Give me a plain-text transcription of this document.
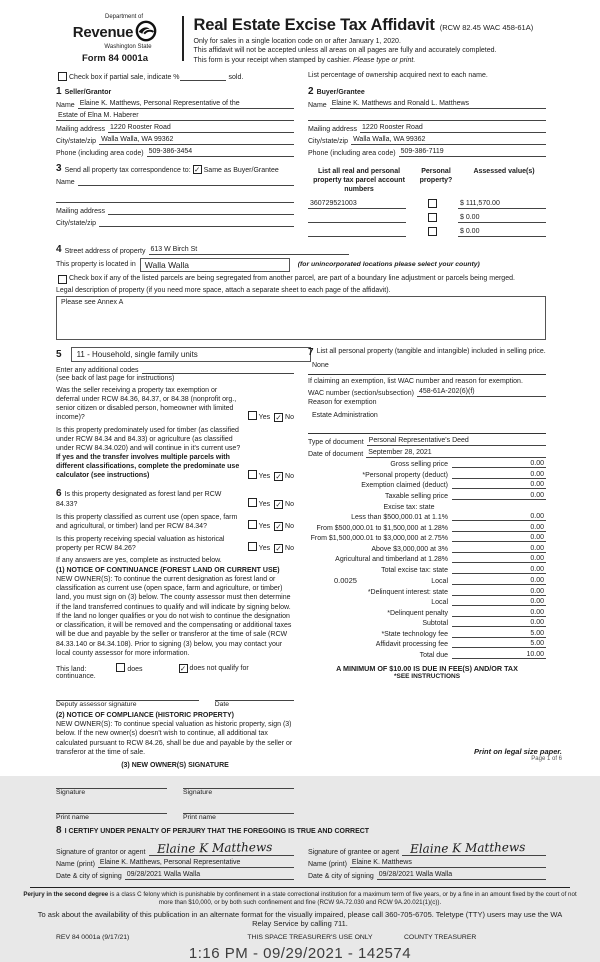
Department of
Revenue
Washington State
Form 84 0001a
Real Estate Excise Tax Affidavit (RCW 82.45 WAC 458-61A)
Only for sales in a single location code on or after January 1, 2020.
This affidavit will not be accepted unless all areas on all pages are fully and accurately completed.
This form is your receipt when stamped by cashier. Please type or print.
Check box if partial sale, indicate %	sold.	List percentage of ownership acquired next to each name.
1 Seller/Grantor
Name Elaine K. Matthews, Personal Representative of the
Estate of Elna M. Haberer
Mailing address 1220 Rooster Road
City/state/zip Walla Walla, WA 99362
Phone (including area code) 509-386-3454
2 Buyer/Grantee
Name Elaine K. Matthews and Ronald L. Matthews
Mailing address 1220 Rooster Road
City/state/zip Walla Walla, WA 99362
Phone (including area code) 509-386-7119
3 Send all property tax correspondence to: ✓ Same as Buyer/Grantee
Name
Mailing address
City/state/zip
List all real and personal property tax parcel account numbers
Personal property?
Assessed value(s)
360729521003	$ 111,570.00
$ 0.00
$ 0.00
4 Street address of property 613 W Birch St
This property is located in	Walla Walla	(for unincorporated locations please select your county)
Check box if any of the listed parcels are being segregated from another parcel, are part of a boundary line adjustment or parcels being merged.
Legal description of property (if you need more space, attach a separate sheet to each page of the affidavit).
Please see Annex A
5	11 - Household, single family units
Enter any additional codes
(see back of last page for instructions)
Was the seller receiving a property tax exemption or deferral under RCW 84.36, 84.37, or 84.38 (nonprofit org., senior citizen or disabled person, homeowner with limited income)?	Yes ✓ No
Is this property predominately used for timber (as classified under RCW 84.34 and 84.33) or agriculture (as classified under RCW 84.34.020) and will continue in it's current use? If yes and the transfer involves multiple parcels with different classifications, complete the predominate use calculator (see instructions)	Yes ✓ No
6 Is this property designated as forest land per RCW 84.33?	Yes ✓ No
Is this property classified as current use (open space, farm and agricultural, or timber) land per RCW 84.34?	Yes ✓ No
Is this property receiving special valuation as historical property per RCW 84.26?	Yes ✓ No
If any answers are yes, complete as instructed below.
(1) NOTICE OF CONTINUANCE (FOREST LAND OR CURRENT USE)
NEW OWNER(S): To continue the current designation as forest land or classification as current use (open space, farm and agriculture, or timber) land, you must sign on (3) below. The county assessor must then determine if the land transferred continues to qualify and will indicate by signing below. If the land no longer qualifies or you do not wish to continue the designation or classification, it will be removed and the compensating or additional taxes will be due and payable by the seller or transferor at the time of sale (RCW 84.33.140 or 84.34.108). Prior to signing (3) below, you may contact your local county assessor for more information.
This land:	does	✓ does not qualify for
continuance.
Deputy assessor signature	Date
(2) NOTICE OF COMPLIANCE (HISTORIC PROPERTY)
NEW OWNER(S): To continue special valuation as historic property, sign (3) below. If the new owner(s) doesn't wish to continue, all additional tax calculated pursuant to RCW 84.26, shall be due and payable by the seller or transferor at the time of sale.
(3) NEW OWNER(S) SIGNATURE
Signature	Signature
Print name	Print name
7 List all personal property (tangible and intangible) included in selling price.
None
If claiming an exemption, list WAC number and reason for exemption.
WAC number (section/subsection) 458-61A-202(6)(f)
Reason for exemption
Estate Administration
Type of document Personal Representative's Deed
Date of document September 28, 2021
Gross selling price	0.00
*Personal property (deduct)	0.00
Exemption claimed (deduct)	0.00
Taxable selling price	0.00
Excise tax: state
Less than $500,000.01 at 1.1%	0.00
From $500,000.01 to $1,500,000 at 1.28%	0.00
From $1,500,000.01 to $3,000,000 at 2.75%	0.00
Above $3,000,000 at 3%	0.00
Agricultural and timberland at 1.28%	0.00
Total excise tax: state	0.00
0.0025	Local	0.00
*Delinquent interest: state	0.00
Local	0.00
*Delinquent penalty	0.00
Subtotal	0.00
*State technology fee	5.00
Affidavit processing fee	5.00
Total due	10.00
A MINIMUM OF $10.00 IS DUE IN FEE(S) AND/OR TAX
*SEE INSTRUCTIONS
8 I CERTIFY UNDER PENALTY OF PERJURY THAT THE FOREGOING IS TRUE AND CORRECT
Signature of grantor or agent Elaine K Matthews
Name (print) Elaine K. Matthews, Personal Representative
Date & city of signing 09/28/2021 Walla Walla
Signature of grantee or agent Elaine K Matthews
Name (print) Elaine K. Matthews
Date & city of signing 09/28/2021 Walla Walla
Perjury in the second degree is a class C felony which is punishable by confinement in a state correctional institution for a maximum term of five years, or by a fine in an amount fixed by the court of not more than $10,000, or by both such confinement and fine (RCW 9A.72.030 and RCW 9A.20.021(1)(c)).
To ask about the availability of this publication in an alternate format for the visually impaired, please call 360-705-6705. Teletype (TTY) users may use the WA Relay Service by calling 711.
REV 84 0001a (9/17/21)	THIS SPACE TREASURER'S USE ONLY	COUNTY TREASURER
1:16 PM - 09/29/2021 - 142574
Print on legal size paper.
Page 1 of 6
